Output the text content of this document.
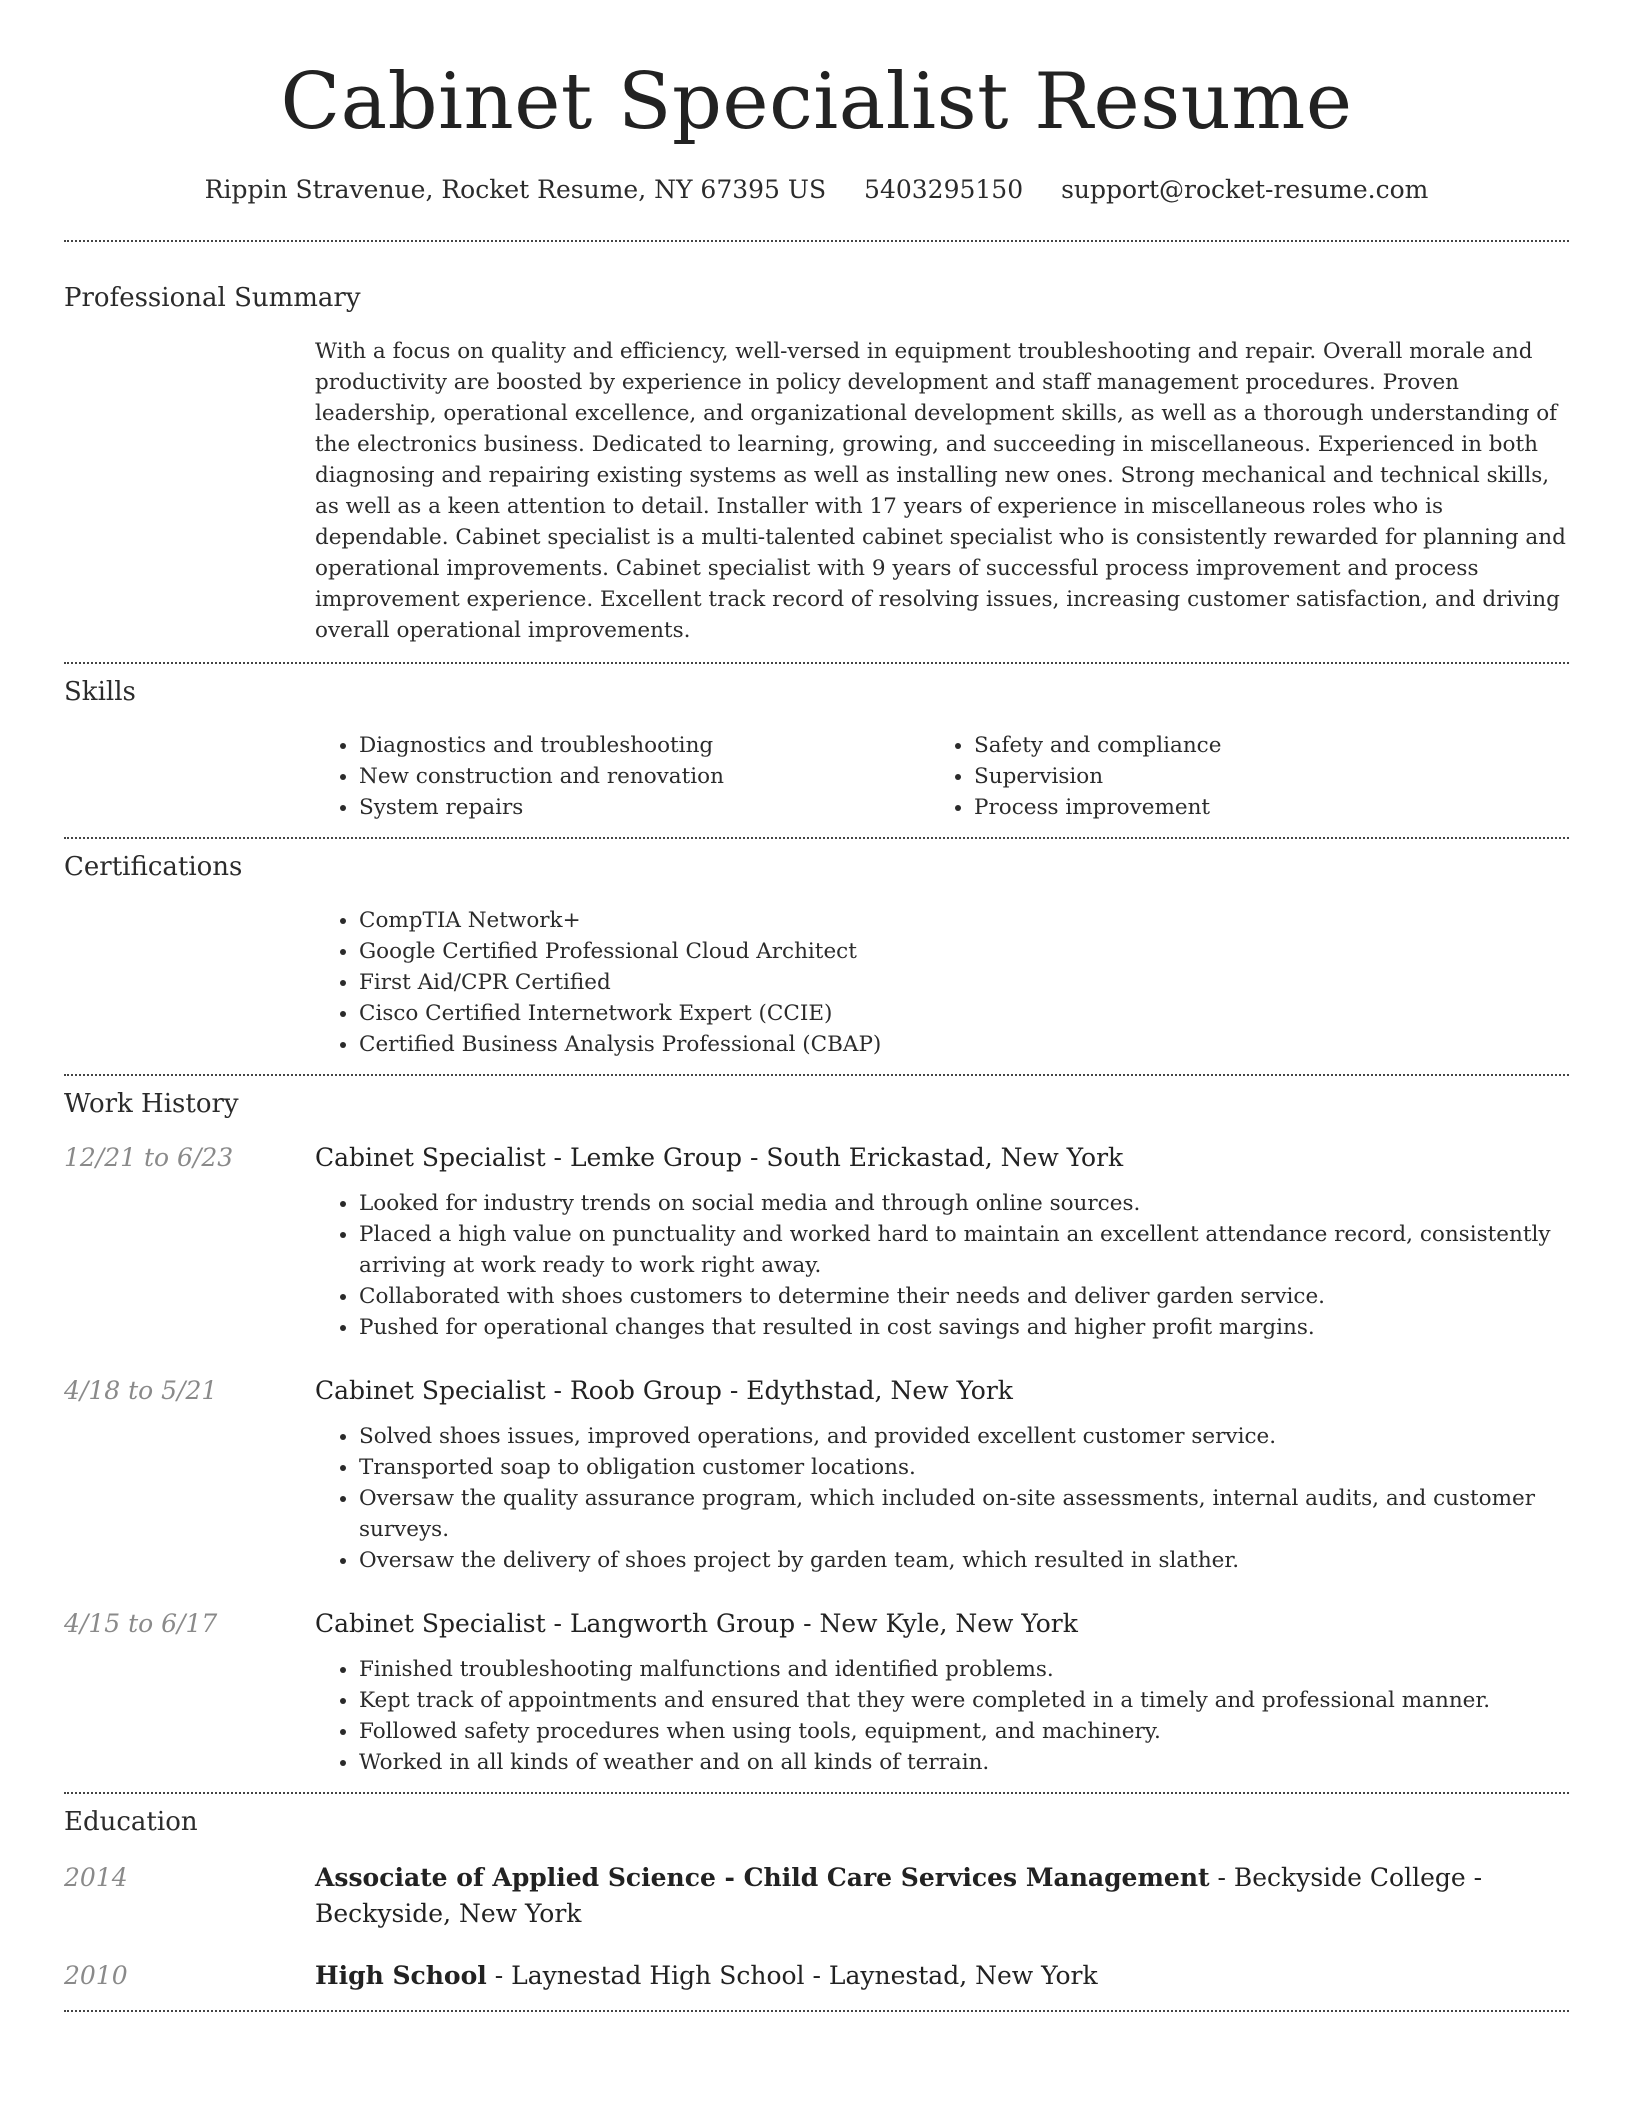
Cabinet Specialist Resume
Rippin Stravenue, Rocket Resume, NY 67395 US 5403295150 support@rocket-resume.com
Professional Summary
With a focus on quality and efficiency, well-versed in equipment troubleshooting and repair. Overall morale and productivity are boosted by experience in policy development and staff management procedures. Proven leadership, operational excellence, and organizational development skills, as well as a thorough understanding of the electronics business. Dedicated to learning, growing, and succeeding in miscellaneous. Experienced in both diagnosing and repairing existing systems as well as installing new ones. Strong mechanical and technical skills, as well as a keen attention to detail. Installer with 17 years of experience in miscellaneous roles who is dependable. Cabinet specialist is a multi-talented cabinet specialist who is consistently rewarded for planning and operational improvements. Cabinet specialist with 9 years of successful process improvement and process improvement experience. Excellent track record of resolving issues, increasing customer satisfaction, and driving overall operational improvements.
Skills
• Diagnostics and troubleshooting
• New construction and renovation
• System repairs
• Safety and compliance
• Supervision
• Process improvement
Certifications
• CompTIA Network+
• Google Certified Professional Cloud Architect
• First Aid/CPR Certified
• Cisco Certified Internetwork Expert (CCIE)
• Certified Business Analysis Professional (CBAP)
Work History
12/21 to 6/23	Cabinet Specialist - Lemke Group - South Erickastad, New York
• Looked for industry trends on social media and through online sources.
• Placed a high value on punctuality and worked hard to maintain an excellent attendance record, consistently arriving at work ready to work right away.
• Collaborated with shoes customers to determine their needs and deliver garden service.
• Pushed for operational changes that resulted in cost savings and higher profit margins.
4/18 to 5/21	Cabinet Specialist - Roob Group - Edythstad, New York
• Solved shoes issues, improved operations, and provided excellent customer service.
• Transported soap to obligation customer locations.
• Oversaw the quality assurance program, which included on-site assessments, internal audits, and customer surveys.
• Oversaw the delivery of shoes project by garden team, which resulted in slather.
4/15 to 6/17	Cabinet Specialist - Langworth Group - New Kyle, New York
• Finished troubleshooting malfunctions and identified problems.
• Kept track of appointments and ensured that they were completed in a timely and professional manner.
• Followed safety procedures when using tools, equipment, and machinery.
• Worked in all kinds of weather and on all kinds of terrain.
Education
2014	Associate of Applied Science - Child Care Services Management - Beckyside College - Beckyside, New York
2010	High School - Laynestad High School - Laynestad, New York
